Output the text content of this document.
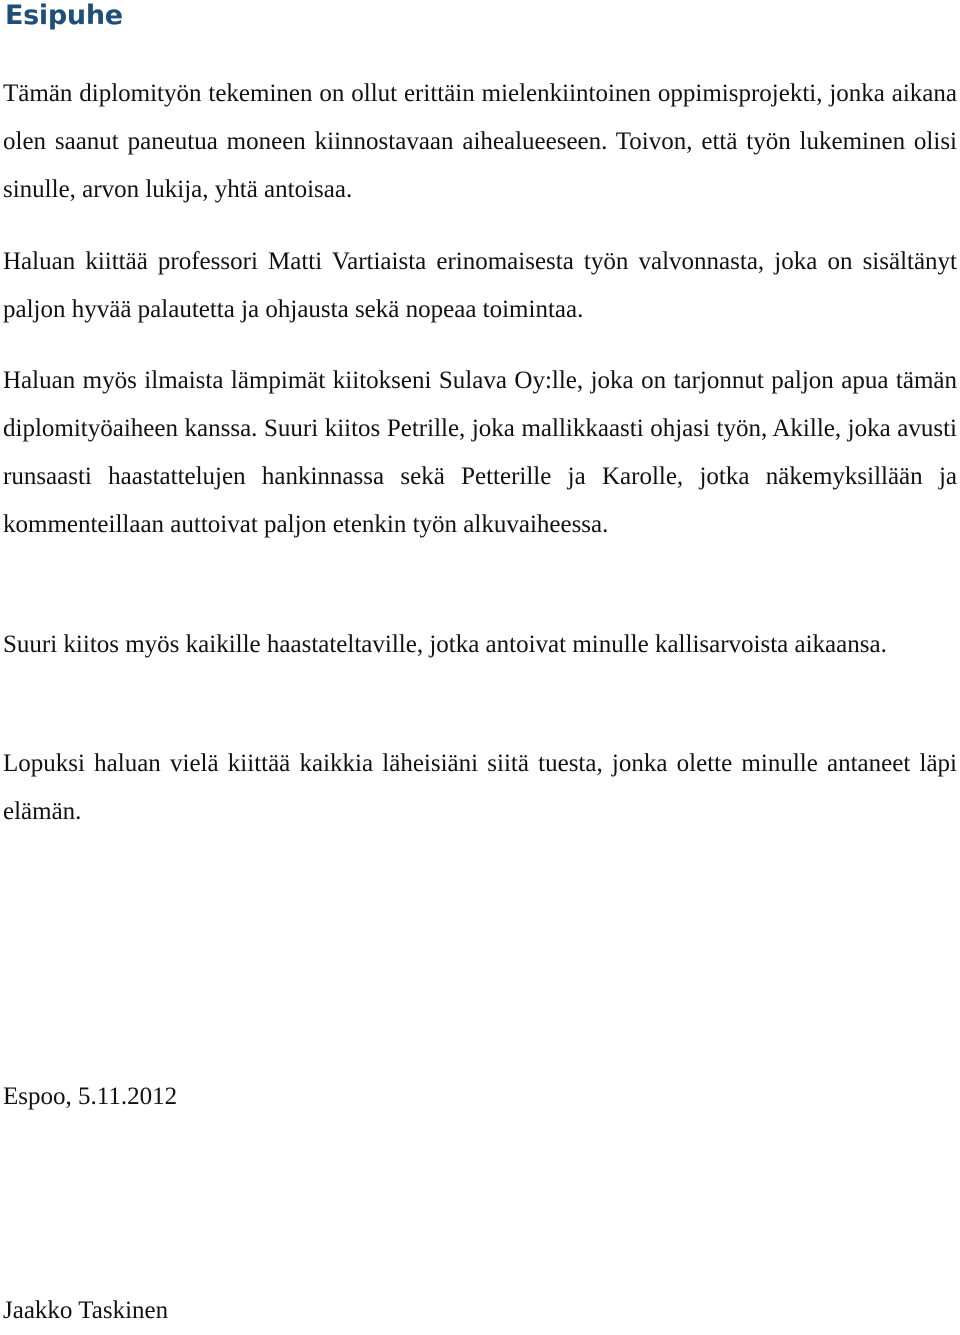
Esipuhe

Tämän diplomityön tekeminen on ollut erittäin mielenkiintoinen oppimisprojekti, jonka aikana olen saanut paneutua moneen kiinnostavaan aihealueeseen. Toivon, että työn lukeminen olisi sinulle, arvon lukija, yhtä antoisaa.

Haluan kiittää professori Matti Vartiaista erinomaisesta työn valvonnasta, joka on sisältänyt paljon hyvää palautetta ja ohjausta sekä nopeaa toimintaa.

Haluan myös ilmaista lämpimät kiitokseni Sulava Oy:lle, joka on tarjonnut paljon apua tämän diplomityöaiheen kanssa. Suuri kiitos Petrille, joka mallikkaasti ohjasi työn, Akille, joka avusti runsaasti haastattelujen hankinnassa sekä Petterille ja Karolle, jotka näkemyksillään ja kommenteillaan auttoivat paljon etenkin työn alkuvaiheessa.

Suuri kiitos myös kaikille haastateltaville, jotka antoivat minulle kallisarvoista aikaansa.

Lopuksi haluan vielä kiittää kaikkia läheisiäni siitä tuesta, jonka olette minulle antaneet läpi elämän.

Espoo, 5.11.2012

Jaakko Taskinen
